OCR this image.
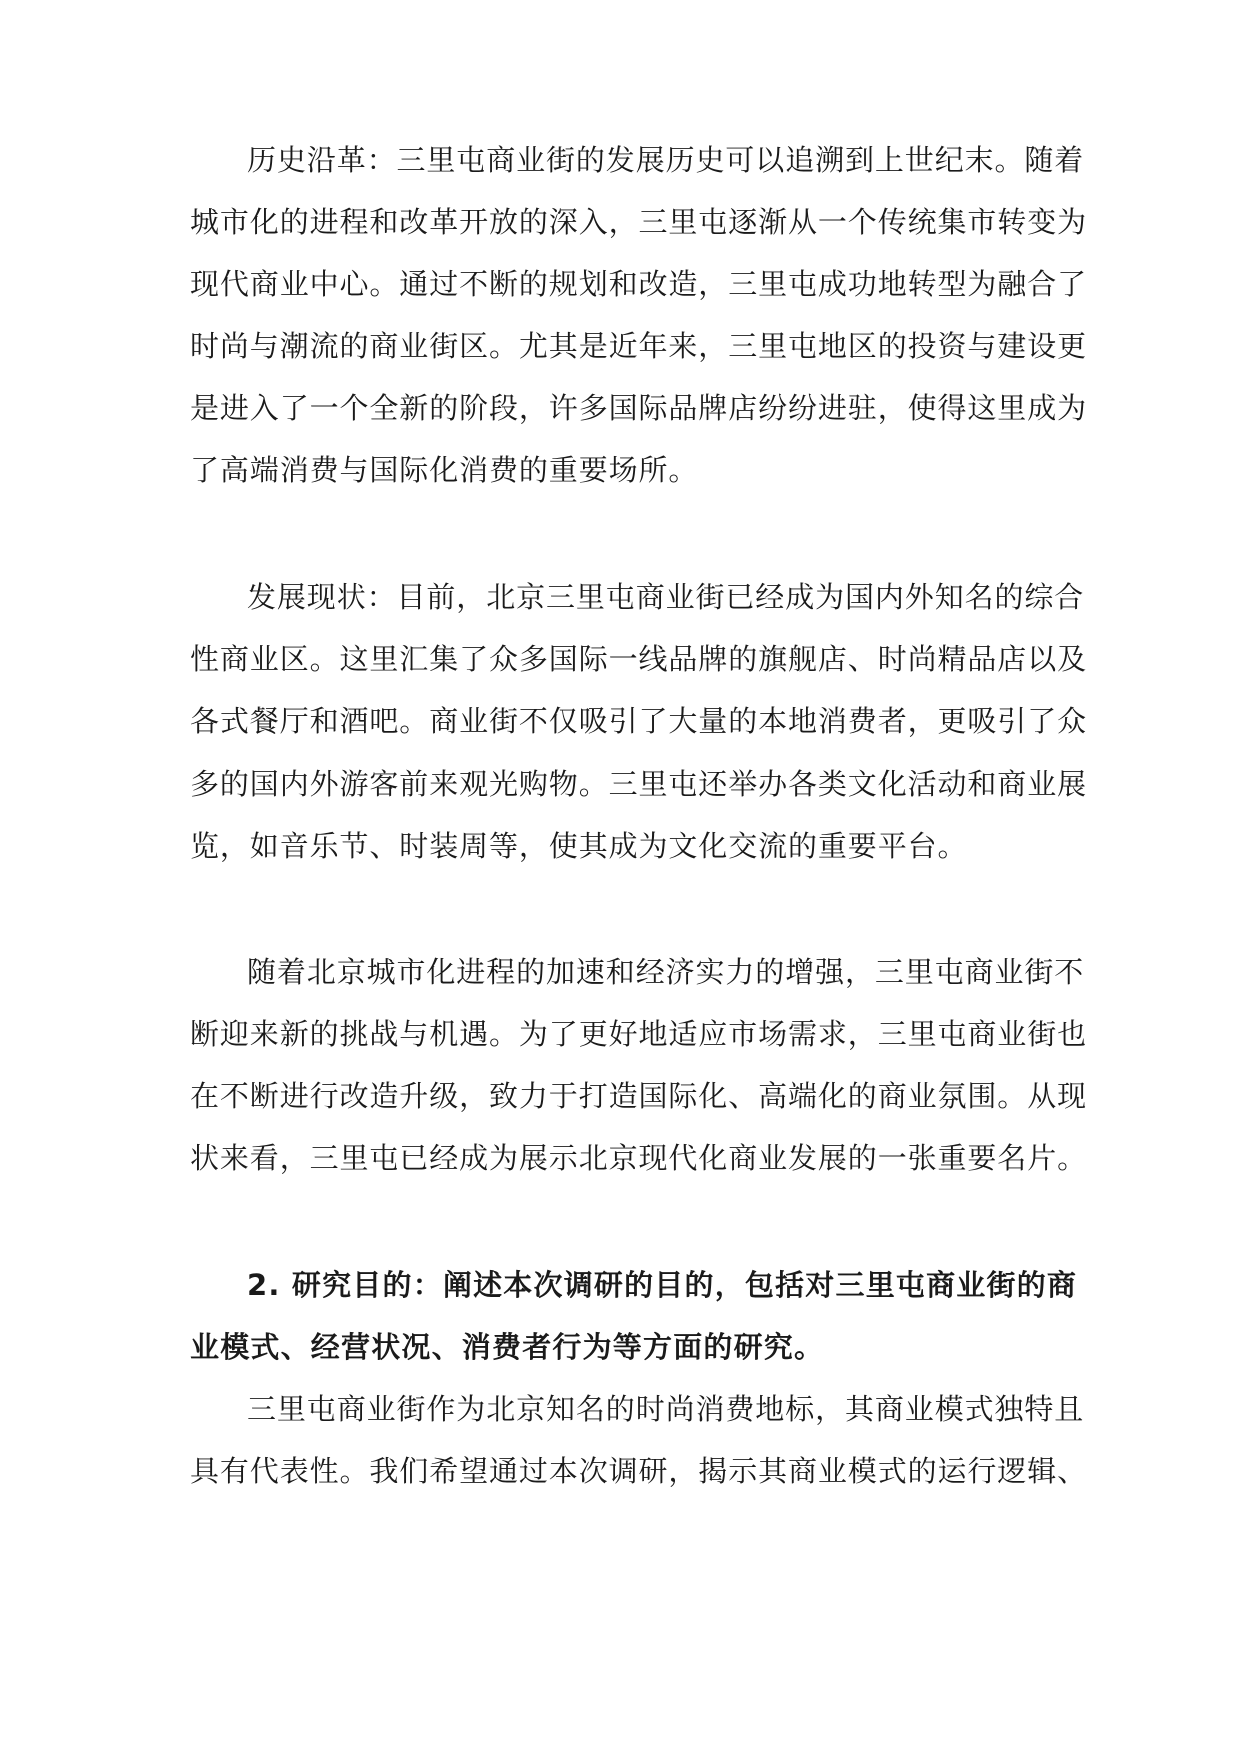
历史沿革：三里屯商业街的发展历史可以追溯到上世纪末。随着
城市化的进程和改革开放的深入，三里屯逐渐从一个传统集市转变为
现代商业中心。通过不断的规划和改造，三里屯成功地转型为融合了
时尚与潮流的商业街区。尤其是近年来，三里屯地区的投资与建设更
是进入了一个全新的阶段，许多国际品牌店纷纷进驻，使得这里成为
了高端消费与国际化消费的重要场所。
发展现状：目前，北京三里屯商业街已经成为国内外知名的综合
性商业区。这里汇集了众多国际一线品牌的旗舰店、时尚精品店以及
各式餐厅和酒吧。商业街不仅吸引了大量的本地消费者，更吸引了众
多的国内外游客前来观光购物。三里屯还举办各类文化活动和商业展
览，如音乐节、时装周等，使其成为文化交流的重要平台。
随着北京城市化进程的加速和经济实力的增强，三里屯商业街不
断迎来新的挑战与机遇。为了更好地适应市场需求，三里屯商业街也
在不断进行改造升级，致力于打造国际化、高端化的商业氛围。从现
状来看，三里屯已经成为展示北京现代化商业发展的一张重要名片。
2. 研究目的：阐述本次调研的目的，包括对三里屯商业街的商
业模式、经营状况、消费者行为等方面的研究。
三里屯商业街作为北京知名的时尚消费地标，其商业模式独特且
具有代表性。我们希望通过本次调研，揭示其商业模式的运行逻辑、
